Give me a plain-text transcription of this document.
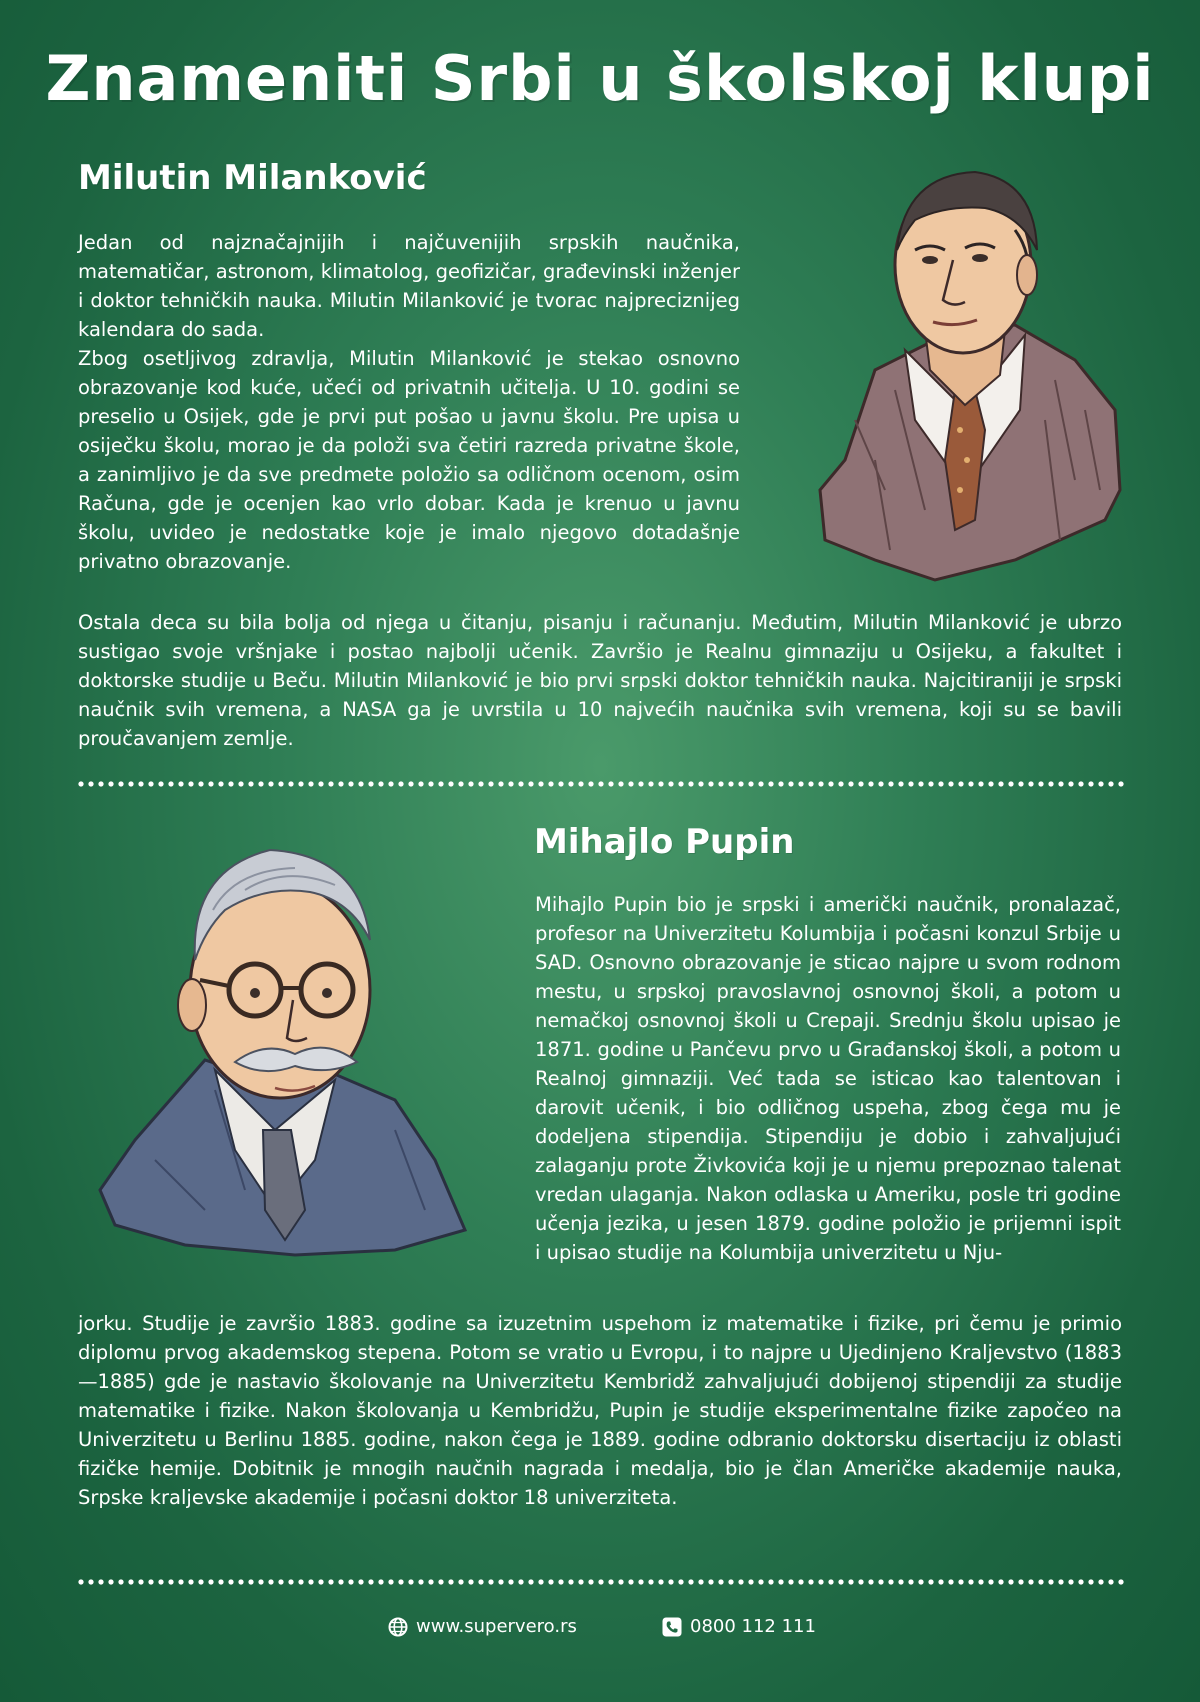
Znameniti Srbi u školskoj klupi
Milutin Milanković

Jedan od najznačajnijih i najčuvenijih srpskih naučnika, matematičar, astronom, klimatolog, geofizičar, građevinski inženjer i doktor tehničkih nauka. Milutin Milanković je tvorac najpreciznijeg kalendara do sada.

Zbog osetljivog zdravlja, Milutin Milanković je stekao osnovno obrazovanje kod kuće, učeći od privatnih učitelja. U 10. godini se preselio u Osijek, gde je prvi put pošao u javnu školu. Pre upisa u osiječku školu, morao je da položi sva četiri razreda privatne škole, a zanimljivo je da sve predmete položio sa odličnom ocenom, osim Računa, gde je ocenjen kao vrlo dobar. Kada je krenuo u javnu školu, uvideo je nedostatke koje je imalo njegovo dotadašnje privatno obrazovanje.

Ostala deca su bila bolja od njega u čitanju, pisanju i računanju. Međutim, Milutin Milanković je ubrzo sustigao svoje vršnjake i postao najbolji učenik. Završio je Realnu gimnaziju u Osijeku, a fakultet i doktorske studije u Beču. Milutin Milanković je bio prvi srpski doktor tehničkih nauka. Najcitiraniji je srpski naučnik svih vremena, a NASA ga je uvrstila u 10 najvećih naučnika svih vremena, koji su se bavili proučavanjem zemlje.

Mihajlo Pupin

Mihajlo Pupin bio je srpski i američki naučnik, pronalazač, profesor na Univerzitetu Kolumbija i počasni konzul Srbije u SAD. Osnovno obrazovanje je sticao najpre u svom rodnom mestu, u srpskoj pravoslavnoj osnovnoj školi, a potom u nemačkoj osnovnoj školi u Crepaji. Srednju školu upisao je 1871. godine u Pančevu prvo u Građanskoj školi, a potom u Realnoj gimnaziji. Već tada se isticao kao talentovan i darovit učenik, i bio odličnog uspeha, zbog čega mu je dodeljena stipendija. Stipendiju je dobio i zahvaljujući zalaganju prote Živkovića koji je u njemu prepoznao talenat vredan ulaganja. Nakon odlaska u Ameriku, posle tri godine učenja jezika, u jesen 1879. godine položio je prijemni ispit i upisao studije na Kolumbija univerzitetu u Nju-

jorku. Studije je završio 1883. godine sa izuzetnim uspehom iz matematike i fizike, pri čemu je primio diplomu prvog akademskog stepena. Potom se vratio u Evropu, i to najpre u Ujedinjeno Kraljevstvo (1883—1885) gde je nastavio školovanje na Univerzitetu Kembridž zahvaljujući dobijenoj stipendiji za studije matematike i fizike. Nakon školovanja u Kembridžu, Pupin je studije eksperimentalne fizike započeo na Univerzitetu u Berlinu 1885. godine, nakon čega je 1889. godine odbranio doktorsku disertaciju iz oblasti fizičke hemije. Dobitnik je mnogih naučnih nagrada i medalja, bio je član Američke akademije nauka, Srpske kraljevske akademije i počasni doktor 18 univerziteta.

www.supervero.rs	0800 112 111
